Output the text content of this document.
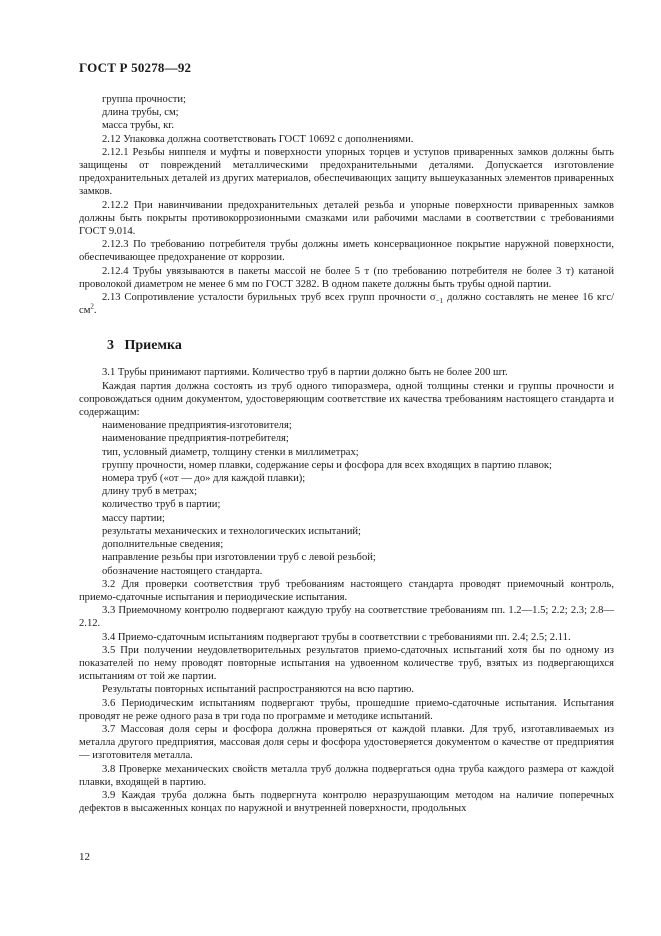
ГОСТ Р 50278—92

группа прочности;

длина трубы, см;

масса трубы, кг.

2.12 Упаковка должна соответствовать ГОСТ 10692 с дополнениями.

2.12.1 Резьбы ниппеля и муфты и поверхности упорных торцев и уступов приваренных замков должны быть защищены от повреждений металлическими предохранительными деталями. Допускается изготовление предохранительных деталей из других материалов, обеспечивающих защиту вышеуказанных элементов приваренных замков.

2.12.2 При навинчивании предохранительных деталей резьба и упорные поверхности приваренных замков должны быть покрыты противокоррозионными смазками или рабочими маслами в соответствии с требованиями ГОСТ 9.014.

2.12.3 По требованию потребителя трубы должны иметь консервационное покрытие наружной поверхности, обеспечивающее предохранение от коррозии.

2.12.4 Трубы увязываются в пакеты массой не более 5 т (по требованию потребителя не более 3 т) катаной проволокой диаметром не менее 6 мм по ГОСТ 3282. В одном пакете должны быть трубы одной партии.

2.13 Сопротивление усталости бурильных труб всех групп прочности $\sigma_{-1}$ должно составлять не менее 16 кгс/$см^2$.

3 Приемка

3.1 Трубы принимают партиями. Количество труб в партии должно быть не более 200 шт.

Каждая партия должна состоять из труб одного типоразмера, одной толщины стенки и группы прочности и сопровождаться одним документом, удостоверяющим соответствие их качества требованиям настоящего стандарта и содержащим:

наименование предприятия-изготовителя;

наименование предприятия-потребителя;

тип, условный диаметр, толщину стенки в миллиметрах;

группу прочности, номер плавки, содержание серы и фосфора для всех входящих в партию плавок;

номера труб («от — до» для каждой плавки);

длину труб в метрах;

количество труб в партии;

массу партии;

результаты механических и технологических испытаний;

дополнительные сведения;

направление резьбы при изготовлении труб с левой резьбой;

обозначение настоящего стандарта.

3.2 Для проверки соответствия труб требованиям настоящего стандарта проводят приемочный контроль, приемо-сдаточные испытания и периодические испытания.

3.3 Приемочному контролю подвергают каждую трубу на соответствие требованиям пп. 1.2—1.5; 2.2; 2.3; 2.8—2.12.

3.4 Приемо-сдаточным испытаниям подвергают трубы в соответствии с требованиями пп. 2.4; 2.5; 2.11.

3.5 При получении неудовлетворительных результатов приемо-сдаточных испытаний хотя бы по одному из показателей по нему проводят повторные испытания на удвоенном количестве труб, взятых из подвергающихся испытаниям от той же партии.

Результаты повторных испытаний распространяются на всю партию.

3.6 Периодическим испытаниям подвергают трубы, прошедшие приемо-сдаточные испытания. Испытания проводят не реже одного раза в три года по программе и методике испытаний.

3.7 Массовая доля серы и фосфора должна проверяться от каждой плавки. Для труб, изготавливаемых из металла другого предприятия, массовая доля серы и фосфора удостоверяется документом о качестве от предприятия — изготовителя металла.

3.8 Проверке механических свойств металла труб должна подвергаться одна труба каждого размера от каждой плавки, входящей в партию.

3.9 Каждая труба должна быть подвергнута контролю неразрушающим методом на наличие поперечных дефектов в высаженных концах по наружной и внутренней поверхности, продольных

12
